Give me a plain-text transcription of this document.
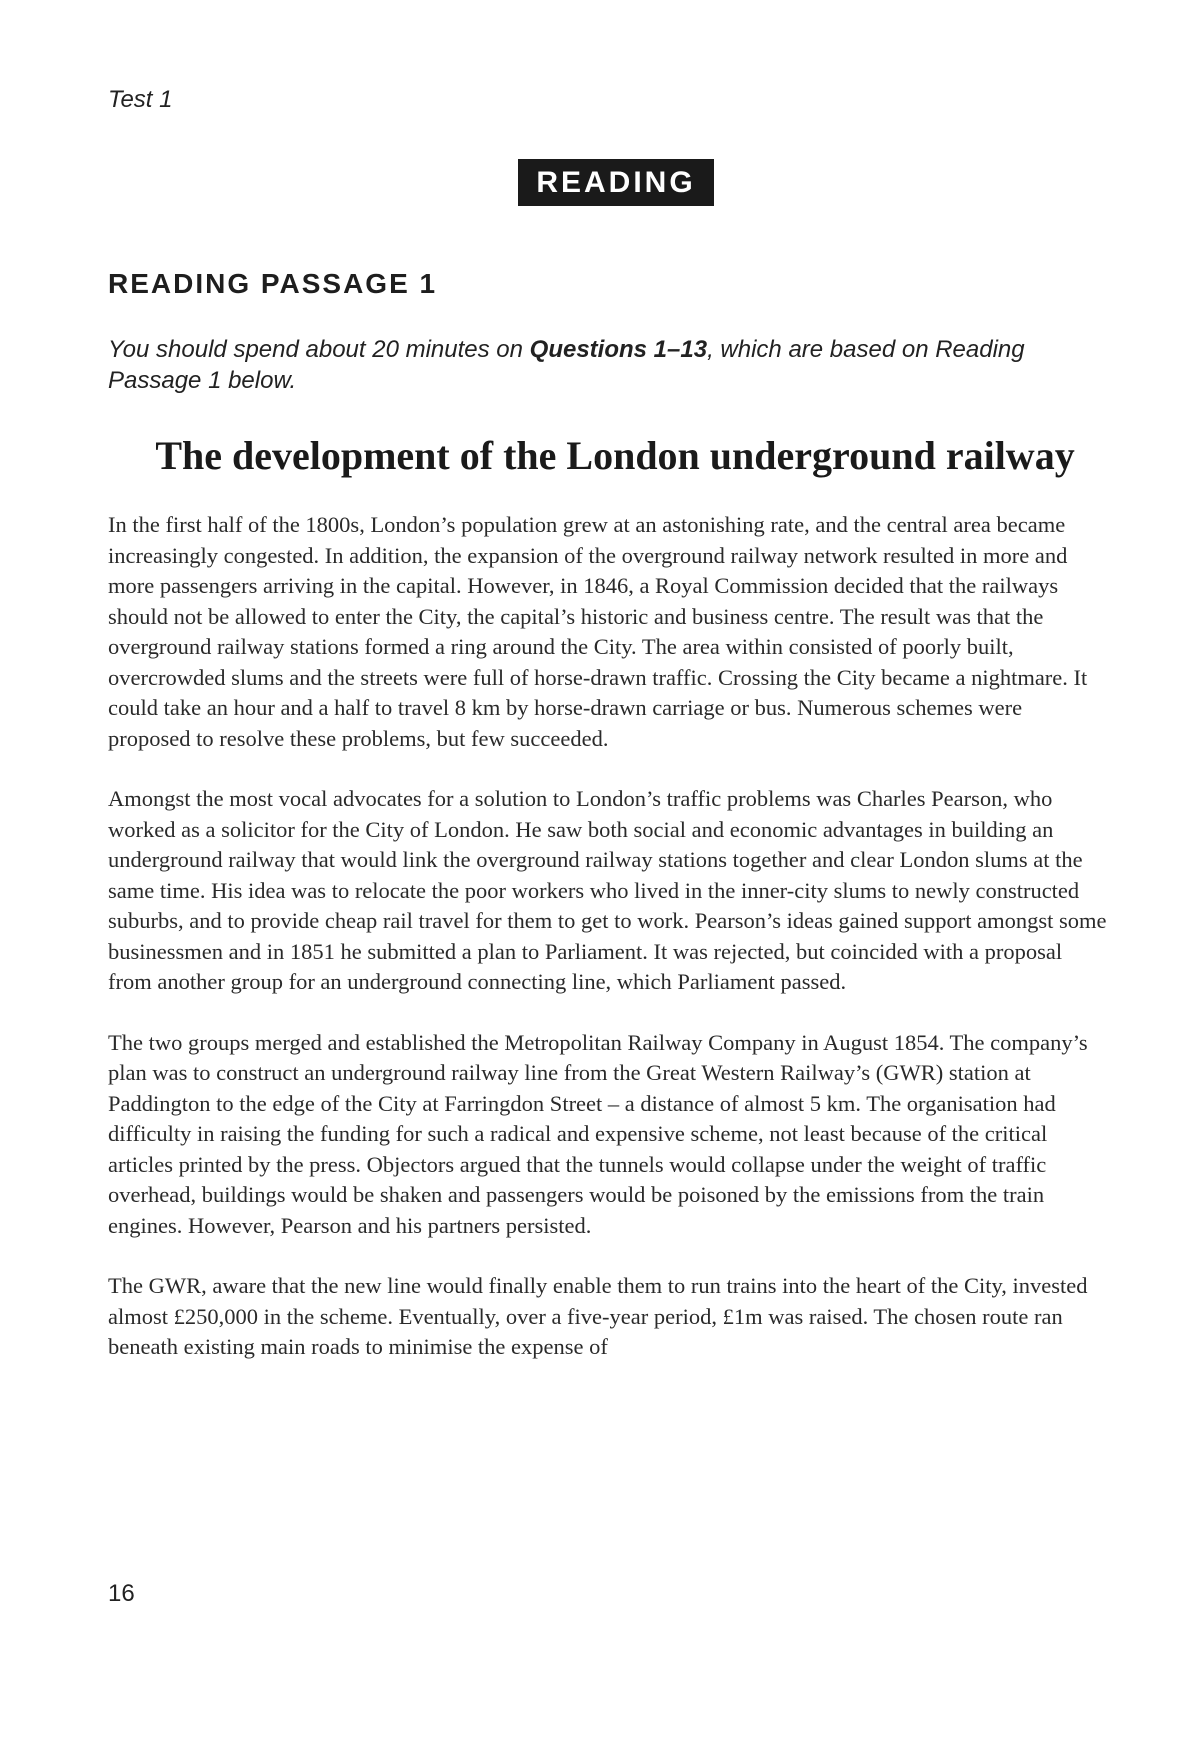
Test 1
READING
READING PASSAGE 1
You should spend about 20 minutes on Questions 1–13, which are based on Reading Passage 1 below.
The development of the London underground railway

In the first half of the 1800s, London’s population grew at an astonishing rate, and the central area became increasingly congested. In addition, the expansion of the overground railway network resulted in more and more passengers arriving in the capital. However, in 1846, a Royal Commission decided that the railways should not be allowed to enter the City, the capital’s historic and business centre. The result was that the overground railway stations formed a ring around the City. The area within consisted of poorly built, overcrowded slums and the streets were full of horse-drawn traffic. Crossing the City became a nightmare. It could take an hour and a half to travel 8 km by horse-drawn carriage or bus. Numerous schemes were proposed to resolve these problems, but few succeeded.

Amongst the most vocal advocates for a solution to London’s traffic problems was Charles Pearson, who worked as a solicitor for the City of London. He saw both social and economic advantages in building an underground railway that would link the overground railway stations together and clear London slums at the same time. His idea was to relocate the poor workers who lived in the inner-city slums to newly constructed suburbs, and to provide cheap rail travel for them to get to work. Pearson’s ideas gained support amongst some businessmen and in 1851 he submitted a plan to Parliament. It was rejected, but coincided with a proposal from another group for an underground connecting line, which Parliament passed.

The two groups merged and established the Metropolitan Railway Company in August 1854. The company’s plan was to construct an underground railway line from the Great Western Railway’s (GWR) station at Paddington to the edge of the City at Farringdon Street – a distance of almost 5 km. The organisation had difficulty in raising the funding for such a radical and expensive scheme, not least because of the critical articles printed by the press. Objectors argued that the tunnels would collapse under the weight of traffic overhead, buildings would be shaken and passengers would be poisoned by the emissions from the train engines. However, Pearson and his partners persisted.

The GWR, aware that the new line would finally enable them to run trains into the heart of the City, invested almost £250,000 in the scheme. Eventually, over a five-year period, £1m was raised. The chosen route ran beneath existing main roads to minimise the expense of

16
